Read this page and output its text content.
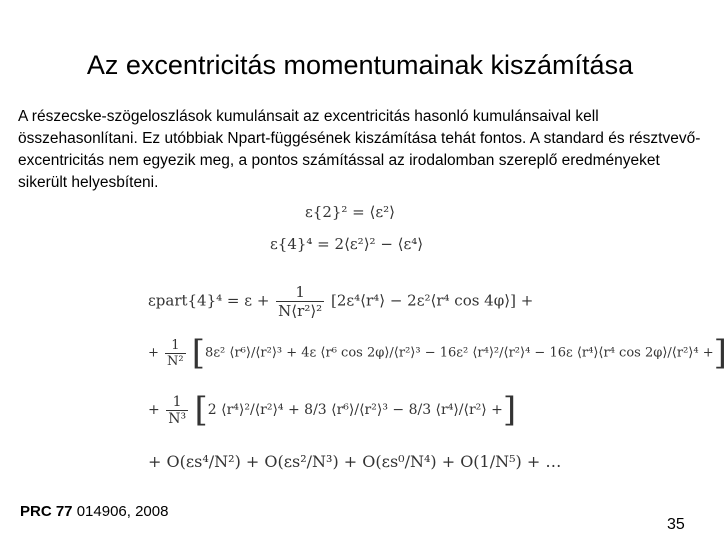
Az excentricitás momentumainak kiszámítása

A részecske-szögeloszlások kumulánsait az excentricitás hasonló kumulánsaival kell összehasonlítani. Ez utóbbiak Npart-függésének kiszámítása tehát fontos. A standard és résztvevő-excentricitás nem egyezik meg, a pontos számítással az irodalomban szereplő eredményeket sikerült helyesbíteni.

ε{2}² = ⟨ε²⟩
ε{4}⁴ = 2⟨ε²⟩² − ⟨ε⁴⟩
εpart{4}⁴ = $\varepsilon + \frac{1}{\text{N⟨r²⟩²}}$ [2ε⁴⟨r⁴⟩ − 2ε²⟨r⁴ cos 4φ⟩] +
+ $\frac{1}{\text{N²}} [8\varepsilon^2$ ⟨r⁶⟩/⟨r²⟩³ + 4ε ⟨r⁶ cos 2φ⟩/⟨r²⟩³ − 16ε² ⟨r⁴⟩²/⟨r²⟩⁴ − 16ε ⟨r⁴⟩⟨r⁴ cos 2φ⟩/⟨r²⟩⁴ +]
+ $\frac{1}{\text{N³}} [2$ ⟨r⁴⟩²/⟨r²⟩⁴ + 8/3 ⟨r⁶⟩/⟨r²⟩³ − 8/3 ⟨r⁴⟩/⟨r²⟩ +]
+ O(εs⁴/N²) + O(εs²/N³) + O(εs⁰/N⁴) + O(1/N⁵) + …
PRC 77 014906, 2008
35
